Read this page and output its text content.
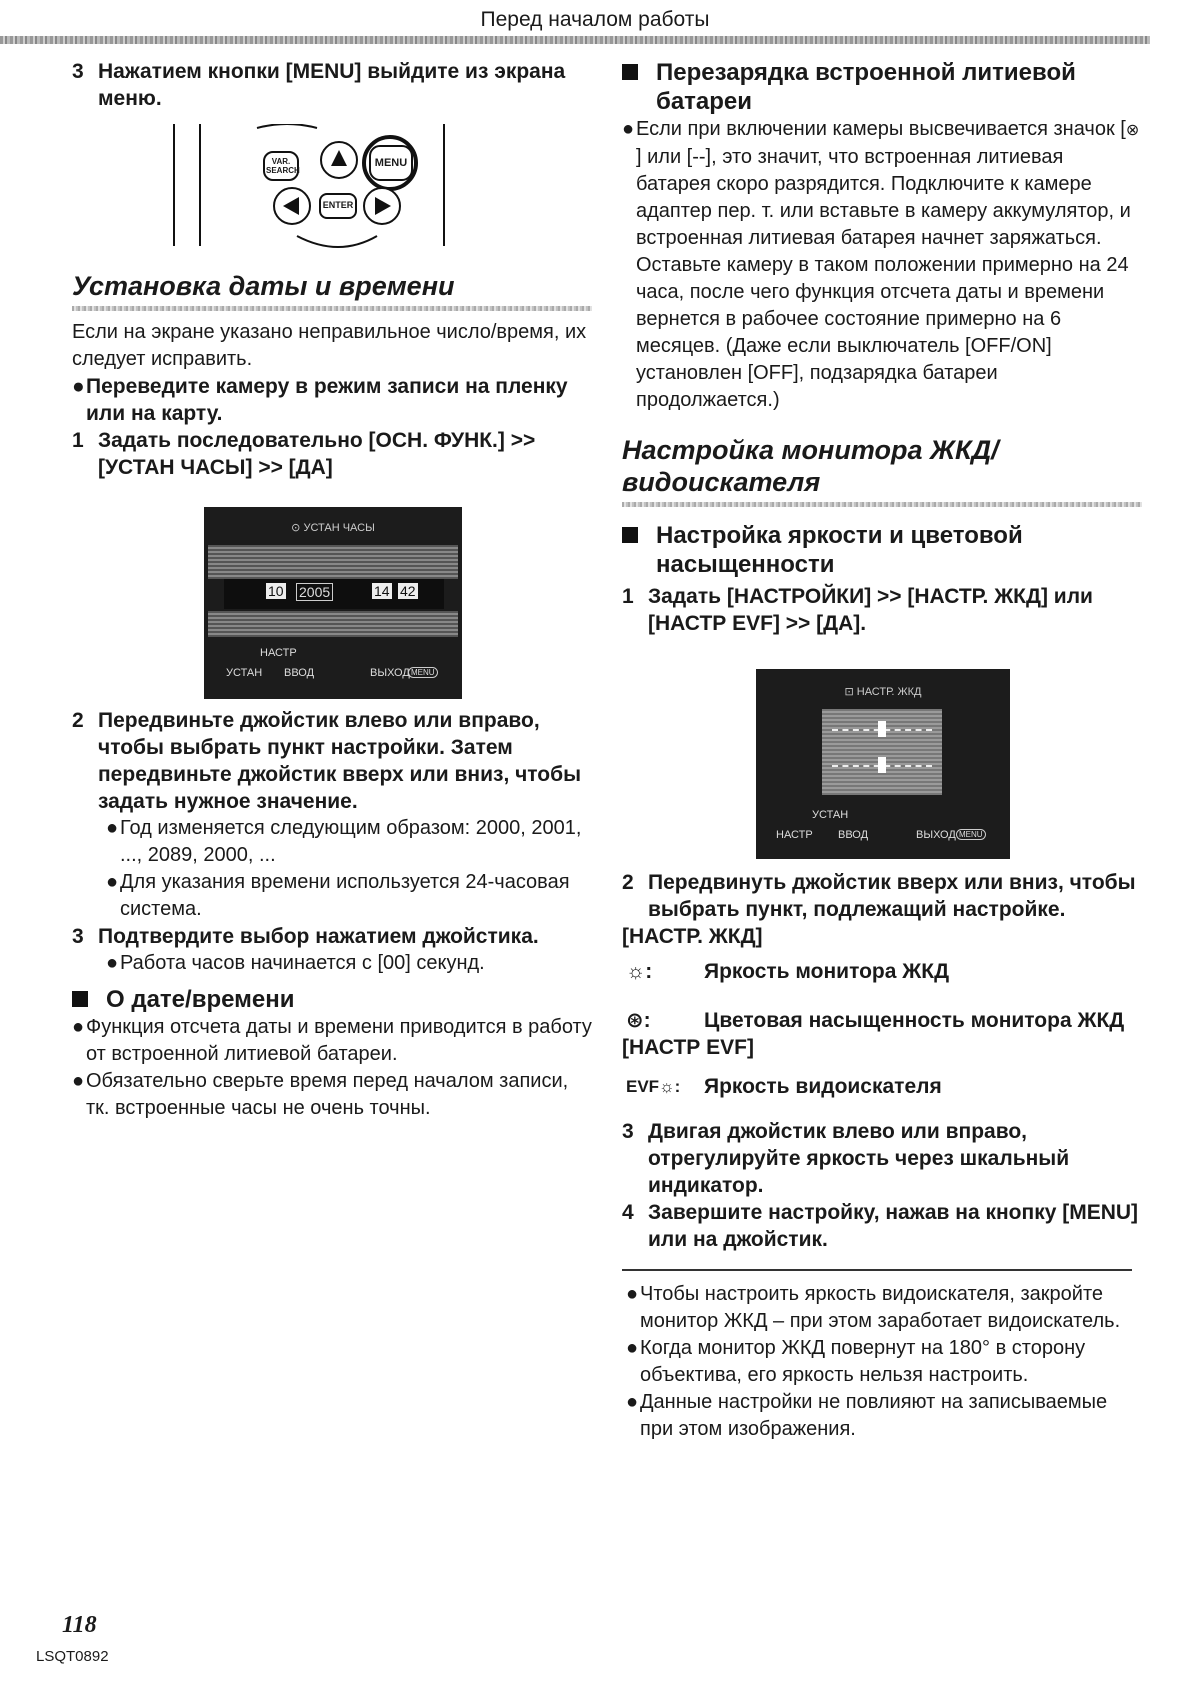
Перед началом работы
3 Нажатием кнопки [MENU] выйдите из экрана меню.
VAR. SEARCH
MENU
ENTER
Установка даты и времени

Если на экране указано неправильное число/время, их следует исправить.

● Переведите камеру в режим записи на пленку или на карту.
1 Задать последовательно [ОСН. ФУНК.] >> [УСТАН ЧАСЫ] >> [ДА]
⊙ УСТАН ЧАСЫ
10 2005	14 42
НАСТР
УСТАН ВВОД	ВЫХОД MENU
2 Передвиньте джойстик влево или вправо, чтобы выбрать пункт настройки. Затем передвиньте джойстик вверх или вниз, чтобы задать нужное значение.
● Год изменяется следующим образом: 2000, 2001, ..., 2089, 2000, ...
● Для указания времени используется 24-часовая система.
3 Подтвердите выбор нажатием джойстика.
● Работа часов начинается с [00] секунд.
О дате/времени
● Функция отсчета даты и времени приводится в работу от встроенной литиевой батареи.
● Обязательно сверьте время перед началом записи, тк. встроенные часы не очень точны.
Перезарядка встроенной литиевой батареи
● Если при включении камеры высвечивается значок [⊗] или [--], это значит, что встроенная литиевая батарея скоро разрядится. Подключите к камере адаптер пер. т. или вставьте в камеру аккумулятор, и встроенная литиевая батарея начнет заряжаться. Оставьте камеру в таком положении примерно на 24 часа, после чего функция отсчета даты и времени вернется в рабочее состояние примерно на 6 месяцев. (Даже если выключатель [OFF/ON] установлен [OFF], подзарядка батареи продолжается.)
Настройка монитора ЖКД/ видоискателя
Настройка яркости и цветовой насыщенности
1 Задать [НАСТРОЙКИ] >> [НАСТР. ЖКД] или [НАСТР EVF] >> [ДА].
⊡ НАСТР. ЖКД
УСТАН
НАСТР ВВОД	ВЫХОД MENU
2 Передвинуть джойстик вверх или вниз, чтобы выбрать пункт, подлежащий настройке.

[НАСТР. ЖКД]

☼:	Яркость монитора ЖКД
⊛:	Цветовая насыщенность монитора ЖКД

[НАСТР EVF]

EVF☼:	Яркость видоискателя
3 Двигая джойстик влево или вправо, отрегулируйте яркость через шкальный индикатор.
4 Завершите настройку, нажав на кнопку [MENU] или на джойстик.
● Чтобы настроить яркость видоискателя, закройте монитор ЖКД – при этом заработает видоискатель.
● Когда монитор ЖКД повернут на 180° в сторону объектива, его яркость нельзя настроить.
● Данные настройки не повлияют на записываемые при этом изображения.
118
LSQT0892
